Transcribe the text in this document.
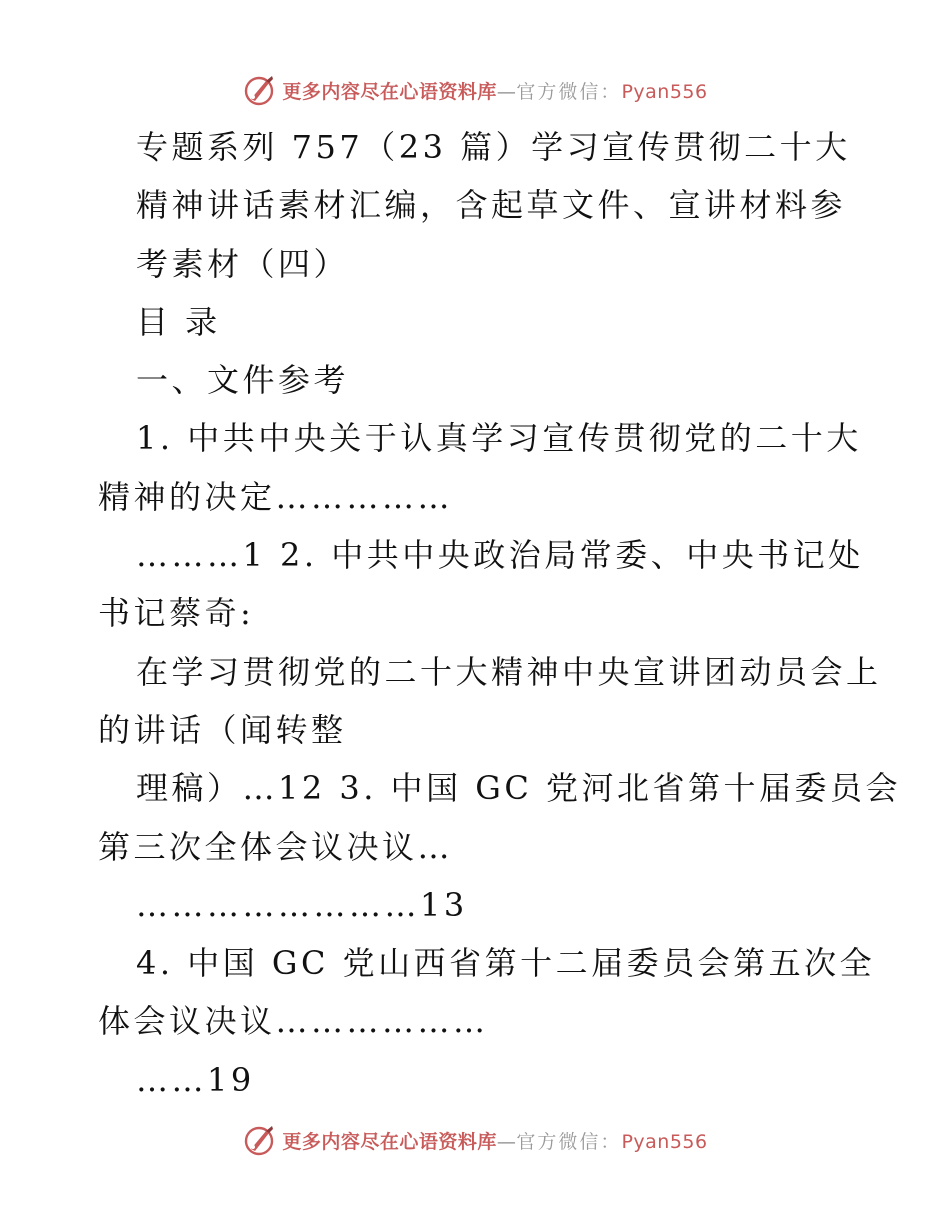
更多内容尽在心语资料库—官方微信：Pyan556
专题系列 757（23 篇）学习宣传贯彻二十大
精神讲话素材汇编，含起草文件、宣讲材料参
考素材（四）
目 录
一、文件参考
1. 中共中央关于认真学习宣传贯彻党的二十大
精神的决定……………
………1 2. 中共中央政治局常委、中央书记处
书记蔡奇:
在学习贯彻党的二十大精神中央宣讲团动员会上
的讲话（闻转整
理稿）…12 3. 中国 GC 党河北省第十届委员会
第三次全体会议决议…
……………………13
4. 中国 GC 党山西省第十二届委员会第五次全
体会议决议………………
……19
更多内容尽在心语资料库—官方微信：Pyan556
